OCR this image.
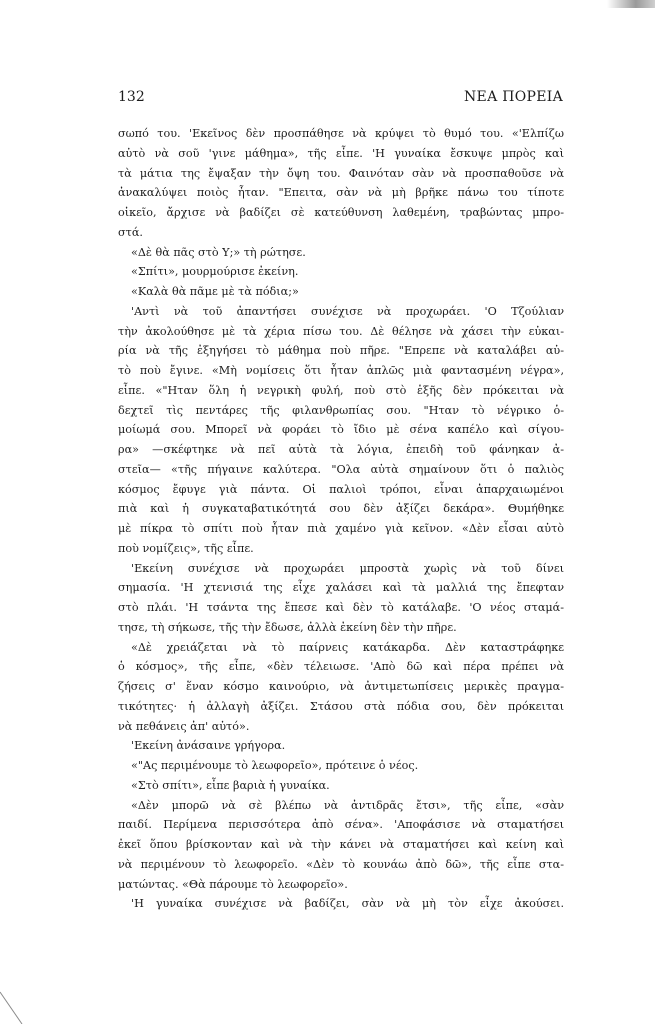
132	ΝΕΑ ΠΟΡΕΙΑ
σωπό του. 'Εκεῖνος δὲν προσπάθησε νὰ κρύψει τὸ θυμό του. «'Ελπίζω
αὐτὸ νὰ σοῦ 'γινε μάθημα», τῆς εἶπε. 'Η γυναίκα ἔσκυψε μπρὸς καὶ
τὰ μάτια της ἔψαξαν τὴν ὄψη του. Φαινόταν σὰν νὰ προσπαθοῦσε νὰ
ἀνακαλύψει ποιὸς ἦταν. "Επειτα, σὰν νὰ μὴ βρῆκε πάνω του τίποτε
οἰκεῖο, ἄρχισε νὰ βαδίζει σὲ κατεύθυνση λαθεμένη, τραβώντας μπρο-
στά.
«Δὲ θὰ πᾶς στὸ Υ;» τὴ ρώτησε.
«Σπίτι», μουρμούρισε ἐκείνη.
«Καλὰ θὰ πᾶμε μὲ τὰ πόδια;»
'Αντὶ νὰ τοῦ ἀπαντήσει συνέχισε νὰ προχωράει. 'Ο Τζούλιαν
τὴν ἀκολούθησε μὲ τὰ χέρια πίσω του. Δὲ θέλησε νὰ χάσει τὴν εὐκαι-
ρία νὰ τῆς ἐξηγήσει τὸ μάθημα ποὺ πῆρε. "Επρεπε νὰ καταλάβει αὐ-
τὸ ποὺ ἔγινε. «Μὴ νομίσεις ὅτι ἦταν ἁπλῶς μιὰ φαντασμένη νέγρα»,
εἶπε. «"Ηταν ὅλη ἡ νεγρικὴ φυλή, ποὺ στὸ ἑξῆς δὲν πρόκειται νὰ
δεχτεῖ τὶς πεντάρες τῆς φιλανθρωπίας σου. "Ηταν τὸ νέγρικο ὁ-
μοίωμά σου. Μπορεῖ νὰ φοράει τὸ ἴδιο μὲ σένα καπέλο καὶ σίγου-
ρα» —σκέφτηκε νὰ πεῖ αὐτὰ τὰ λόγια, ἐπειδὴ τοῦ φάνηκαν ἀ-
στεῖα— «τῆς πήγαινε καλύτερα. "Ολα αὐτὰ σημαίνουν ὅτι ὁ παλιὸς
κόσμος ἔφυγε γιὰ πάντα. Οἱ παλιοὶ τρόποι, εἶναι ἀπαρχαιωμένοι
πιὰ καὶ ἡ συγκαταβατικότητά σου δὲν ἀξίζει δεκάρα». Θυμήθηκε
μὲ πίκρα τὸ σπίτι ποὺ ἦταν πιὰ χαμένο γιὰ κεῖνον. «Δὲν εἶσαι αὐτὸ
ποὺ νομίζεις», τῆς εἶπε.
'Εκείνη συνέχισε νὰ προχωράει μπροστὰ χωρὶς νὰ τοῦ δίνει
σημασία. 'Η χτενισιά της εἶχε χαλάσει καὶ τὰ μαλλιά της ἔπεφταν
στὸ πλάι. 'Η τσάντα της ἔπεσε καὶ δὲν τὸ κατάλαβε. 'Ο νέος σταμά-
τησε, τὴ σήκωσε, τῆς τὴν ἔδωσε, ἀλλὰ ἐκείνη δὲν τὴν πῆρε.
«Δὲ χρειάζεται νὰ τὸ παίρνεις κατάκαρδα. Δὲν καταστράφηκε
ὁ κόσμος», τῆς εἶπε, «δὲν τέλειωσε. 'Απὸ δῶ καὶ πέρα πρέπει νὰ
ζήσεις σ' ἕναν κόσμο καινούριο, νὰ ἀντιμετωπίσεις μερικὲς πραγμα-
τικότητες· ἡ ἀλλαγὴ ἀξίζει. Στάσου στὰ πόδια σου, δὲν πρόκειται
νὰ πεθάνεις ἀπ' αὐτό».
'Εκείνη ἀνάσαινε γρήγορα.
«"Ας περιμένουμε τὸ λεωφορεῖο», πρότεινε ὁ νέος.
«Στὸ σπίτι», εἶπε βαριὰ ἡ γυναίκα.
«Δὲν μπορῶ νὰ σὲ βλέπω νὰ ἀντιδρᾶς ἔτσι», τῆς εἶπε, «σὰν
παιδί. Περίμενα περισσότερα ἀπὸ σένα». 'Αποφάσισε νὰ σταματήσει
ἐκεῖ ὅπου βρίσκονταν καὶ νὰ τὴν κάνει νὰ σταματήσει καὶ κείνη καὶ
νὰ περιμένουν τὸ λεωφορεῖο. «Δὲν τὸ κουνάω ἀπὸ δῶ», τῆς εἶπε στα-
ματώντας. «Θὰ πάρουμε τὸ λεωφορεῖο».
'Η γυναίκα συνέχισε νὰ βαδίζει, σὰν νὰ μὴ τὸν εἶχε ἀκούσει.
